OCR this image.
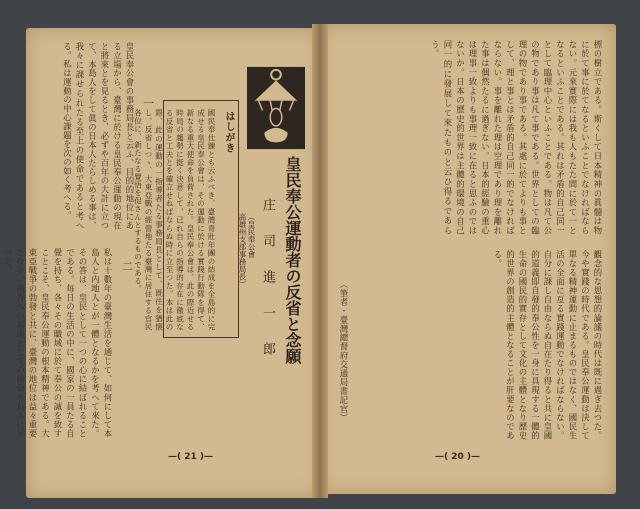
皇民奉公會の事務局長と云ふ、目的的地位にある立場から、臺灣に於ける皇民奉公運動の現在と將來とを見るとき、必ずや百年の大計に立つて、本島人をして眞の日本人たらしめる事は、我々に課せられたる至上の使命であると考へる。私は運動の中心課題を次の如く考へる。	一
二
私は十數年の臺灣生活を通じて、如何にして本島人と内地人とが一體となるかを考へて來た。その答は、皇民として一つの心に結ばれることである。每日の生活の中に、國家の一員たる自覺を持ち、各々その職域に於て奉公の誠を致すことこそ、皇民奉公運動の根本精神である。大東亞戰爭の勃發と共に、臺灣の地位は益々重要となり、南方への基地としての使命を負ふに至つた。
はしがき
國民奉仕錬とも云ふべき、臺灣青壯年團の結成を全島的に完成せる皇民奉公會は、その運動に於ける實踐行動隊を得て、新なる重大使命を負荷された。皇民奉公會は、此の際近せる時局の趨勢に挺く決意して、已れ自らの指導的存在に徹底なる反省と工夫とを確立せねばならぬ時に立至つた。本は此の際、此の運動の一指導者たる事務局長として、既往を猶懐し、反省しつゝ、大東亞戰の經營地たる臺灣に居住する官民各位に、新たなる覺悟を促さんとするものである。	皇民奉公運動者の反省と念願
庄司進一郎
（皇民奉公會
高雄州支部事務局長）
—( 21 )—
標の樹立である。斯くして日本精神の眞髓は物に於て事に於てなるといふことでなければならない。元來實際には我も人もたた間に於て一となるといふことである。其れは矛盾的自己同一として臨理中心といふことである。物は凡て公の物であり事は凡て事である。世界としての臨理の物であり事である。其處に於てよりも事として、理と事とは矛盾的自己同一的でなければならない。事を離れた理は空理であり理を離れた事は偶然たるに過ぎない。日本的經驗の重心は理事一致よりも事理一致に在ると思ふのではないか。日本の歷史的世界は主體的環境の自己同一的に發展して來たものと云ひ得るであらう。
觀念的な思想的論議の時代は既に過ぎ去つた。今や實踐の時代である。皇民奉公運動は決して單なる精神運動に止まるものではなく、國民生活の全面に亙る實踐運動でなければならない。自分に課し自由ならぬ自在たり得ると共に皇國的道義即自發的奉公性を一身に具現する一體的生命の國民的實存として文化の主體となり歷史的世界の創造的主體となることが肝要なのである。
（筆者・臺灣總督府交通局書記官）
—( 20 )—
